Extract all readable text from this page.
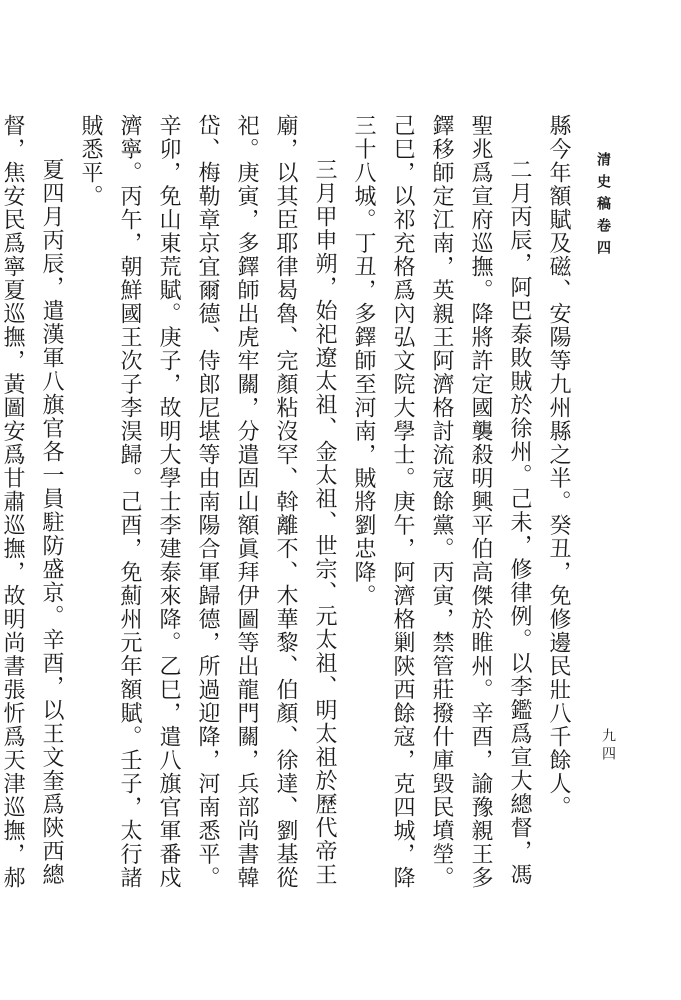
清史稿卷四
九四

縣今年額賦及磁、安陽等九州縣之半。癸丑，免修邊民壯八千餘人。

二月丙辰，阿巴泰敗賊於徐州。己未，修律例。以李鑑爲宣大總督，馮聖兆爲宣府巡撫。降將許定國襲殺明興平伯高傑於睢州。辛酉，諭豫親王多鐸移師定江南，英親王阿濟格討流寇餘黨。丙寅，禁管莊撥什庫毀民墳塋。己巳，以祁充格爲內弘文院大學士。庚午，阿濟格剿陝西餘寇，克四城，降三十八城。丁丑，多鐸師至河南，賊將劉忠降。

三月甲申朔，始祀遼太祖、金太祖、世宗、元太祖、明太祖於歷代帝王廟，以其臣耶律曷魯、完顏粘沒罕、斡離不、木華黎、伯顏、徐達、劉基從祀。庚寅，多鐸師出虎牢關，分遣固山額眞拜伊圖等出龍門關，兵部尚書韓岱、梅勒章京宜爾德、侍郎尼堪等由南陽合軍歸德，所過迎降，河南悉平。辛卯，免山東荒賦。庚子，故明大學士李建泰來降。乙巳，遣八旗官軍番戍濟寧。丙午，朝鮮國王次子李淏歸。己酉，免薊州元年額賦。壬子，太行諸賊悉平。

夏四月丙辰，遣漢軍八旗官各一員駐防盛京。辛酉，以王文奎爲陝西總督，焦安民爲寧夏巡撫，黃圖安爲甘肅巡撫，故明尚書張忻爲天津巡撫，郝
